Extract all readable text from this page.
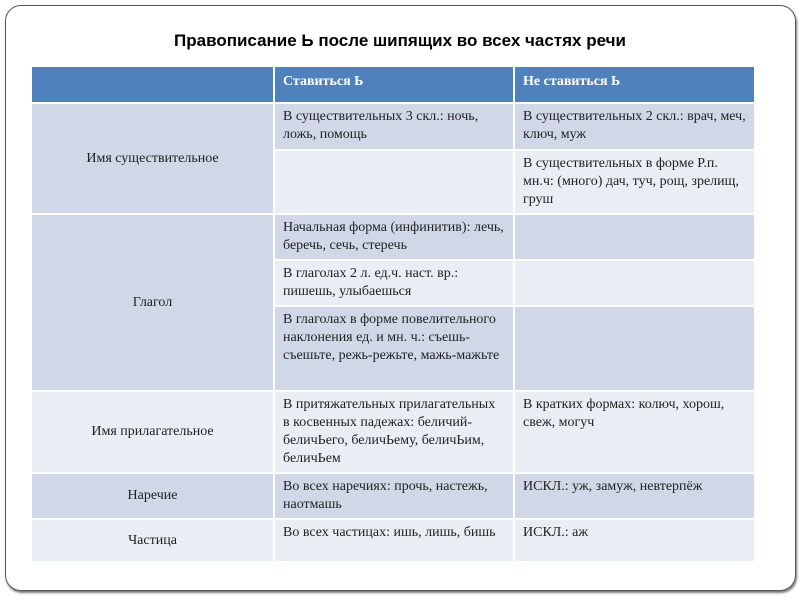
Правописание Ь после шипящих во всех частях речи
	Ставиться Ь	Не ставиться Ь
Имя существительное	В существительных 3 скл.: ночь, ложь, помощь	В существительных 2 скл.: врач, меч, ключ, муж
		В существительных в форме Р.п. мн.ч: (много) дач, туч, рощ, зрелищ, груш
Глагол	Начальная форма (инфинитив): лечь, беречь, сечь, стеречь	
	В глаголах 2 л. ед.ч. наст. вр.: пишешь, улыбаешься	
	В глаголах в форме повелительного наклонения ед. и мн. ч.: съешь-съешьте, режь-режьте, мажь-мажьте	
Имя прилагательное	В притяжательных прилагательных в косвенных падежах: беличий-беличЬего, беличЬему, беличЬим, беличЬем	В кратких формах: колюч, хорош, свеж, могуч
Наречие	Во всех наречиях: прочь, настежь, наотмашь	ИСКЛ.: уж, замуж, невтерпёж
Частица	Во всех частицах: ишь, лишь, бишь	ИСКЛ.: аж
